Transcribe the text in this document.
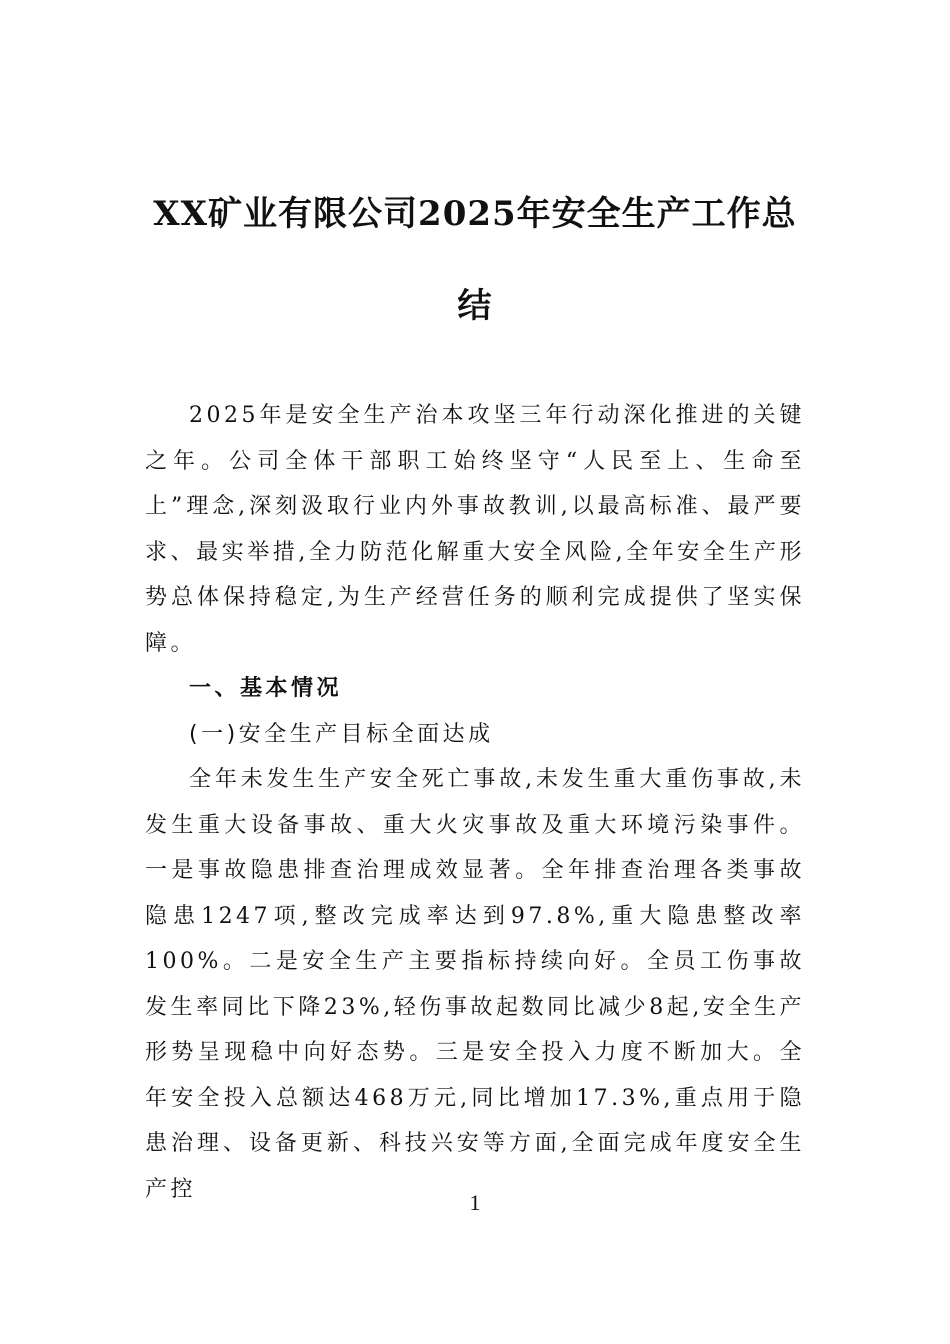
XX矿业有限公司2025年安全生产工作总结

2025年是安全生产治本攻坚三年行动深化推进的关键之年。公司全体干部职工始终坚守“人民至上、生命至上”理念,深刻汲取行业内外事故教训,以最高标准、最严要求、最实举措,全力防范化解重大安全风险,全年安全生产形势总体保持稳定,为生产经营任务的顺利完成提供了坚实保障。

一、基本情况

(一)安全生产目标全面达成

全年未发生生产安全死亡事故,未发生重大重伤事故,未发生重大设备事故、重大火灾事故及重大环境污染事件。一是事故隐患排查治理成效显著。全年排查治理各类事故隐患1247项,整改完成率达到97.8%,重大隐患整改率100%。二是安全生产主要指标持续向好。全员工伤事故发生率同比下降23%,轻伤事故起数同比减少8起,安全生产形势呈现稳中向好态势。三是安全投入力度不断加大。全年安全投入总额达468万元,同比增加17.3%,重点用于隐患治理、设备更新、科技兴安等方面,全面完成年度安全生产控

1
